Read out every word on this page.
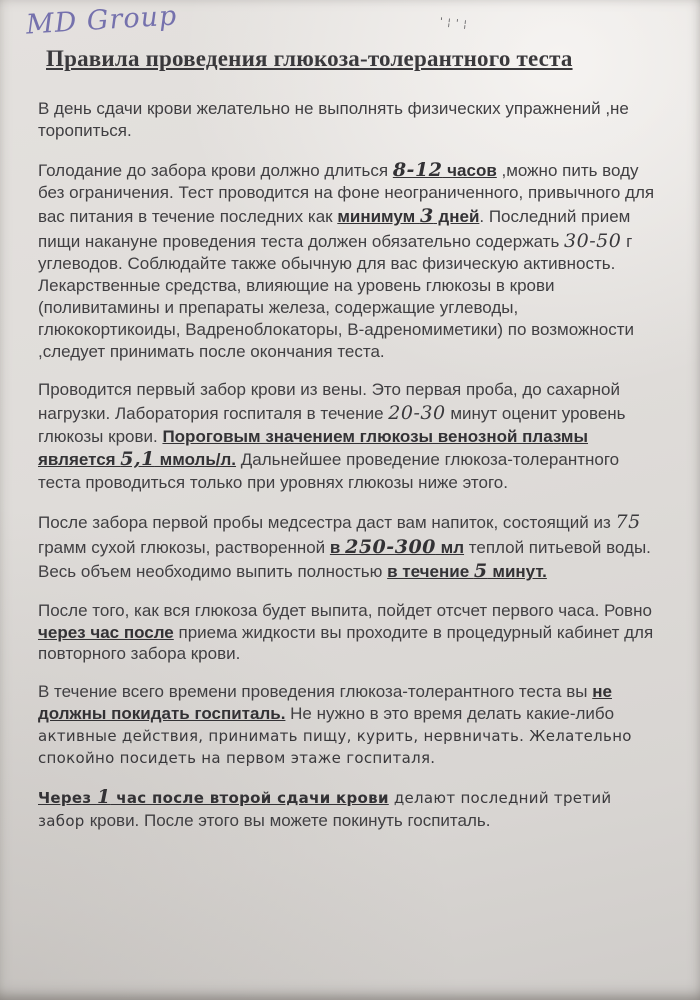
MD Group	'¦'¦
Правила проведения глюкоза-толерантного теста

В день сдачи крови желательно не выполнять физических упражнений ,не торопиться.

Голодание до забора крови должно длиться 8-12 часов ,можно пить воду без ограничения. Тест проводится на фоне неограниченного, привычного для вас питания в течение последних как минимум 3 дней. Последний прием пищи накануне проведения теста должен обязательно содержать 30-50 г углеводов. Соблюдайте также обычную для вас физическую активность. Лекарственные средства, влияющие на уровень глюкозы в крови (поливитамины и препараты железа, содержащие углеводы, глюкокортикоиды, Вадреноблокаторы, В-адреномиметики) по возможности ,следует принимать после окончания теста.

Проводится первый забор крови из вены. Это первая проба, до сахарной нагрузки. Лаборатория госпиталя в течение 20-30 минут оценит уровень глюкозы крови. Пороговым значением глюкозы венозной плазмы является 5,1 ммоль/л. Дальнейшее проведение глюкоза-толерантного теста проводиться только при уровнях глюкозы ниже этого.

После забора первой пробы медсестра даст вам напиток, состоящий из 75 грамм сухой глюкозы, растворенной в 250-300 мл теплой питьевой воды. Весь объем необходимо выпить полностью в течение 5 минут.

После того, как вся глюкоза будет выпита, пойдет отсчет первого часа. Ровно через час после приема жидкости вы проходите в процедурный кабинет для повторного забора крови.

В течение всего времени проведения глюкоза-толерантного теста вы не должны покидать госпиталь. Не нужно в это время делать какие-либо активные действия, принимать пищу, курить, нервничать. Желательно спокойно посидеть на первом этаже госпиталя.

Через 1 час после второй сдачи крови делают последний третий забор крови. После этого вы можете покинуть госпиталь.
